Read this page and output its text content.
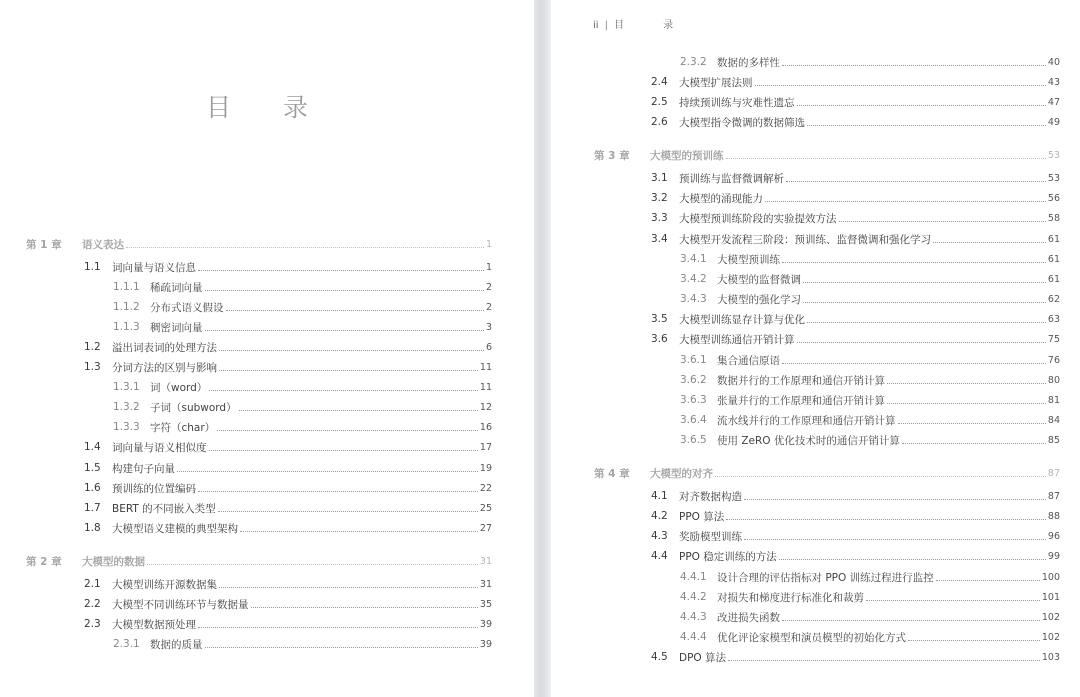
目 录
ii | 目 录
第 1 章	语义表达	1
1.1	词向量与语义信息	1
1.1.1 稀疏词向量	2
1.1.2 分布式语义假设	2
1.1.3 稠密词向量	3
1.2	溢出词表词的处理方法	6
1.3	分词方法的区别与影响	11
1.3.1 词（word）	11
1.3.2 子词（subword）	12
1.3.3 字符（char）	16
1.4	词向量与语义相似度	17
1.5	构建句子向量	19
1.6	预训练的位置编码	22
1.7	BERT 的不同嵌入类型	25
1.8	大模型语义建模的典型架构	27
第 2 章	大模型的数据	31
2.1	大模型训练开源数据集	31
2.2	大模型不同训练环节与数据量	35
2.3	大模型数据预处理	39
2.3.1 数据的质量	39
2.3.2 数据的多样性	40
2.4	大模型扩展法则	43
2.5	持续预训练与灾难性遗忘	47
2.6	大模型指令微调的数据筛选	49
第 3 章	大模型的预训练	53
3.1	预训练与监督微调解析	53
3.2	大模型的涌现能力	56
3.3	大模型预训练阶段的实验提效方法	58
3.4	大模型开发流程三阶段：预训练、监督微调和强化学习	61
3.4.1 大模型预训练	61
3.4.2 大模型的监督微调	61
3.4.3 大模型的强化学习	62
3.5	大模型训练显存计算与优化	63
3.6	大模型训练通信开销计算	75
3.6.1 集合通信原语	76
3.6.2 数据并行的工作原理和通信开销计算	80
3.6.3 张量并行的工作原理和通信开销计算	81
3.6.4 流水线并行的工作原理和通信开销计算	84
3.6.5 使用 ZeRO 优化技术时的通信开销计算	85
第 4 章	大模型的对齐	87
4.1	对齐数据构造	87
4.2	PPO 算法	88
4.3	奖励模型训练	96
4.4	PPO 稳定训练的方法	99
4.4.1 设计合理的评估指标对 PPO 训练过程进行监控	100
4.4.2 对损失和梯度进行标准化和裁剪	101
4.4.3 改进损失函数	102
4.4.4 优化评论家模型和演员模型的初始化方式	102
4.5	DPO 算法	103
